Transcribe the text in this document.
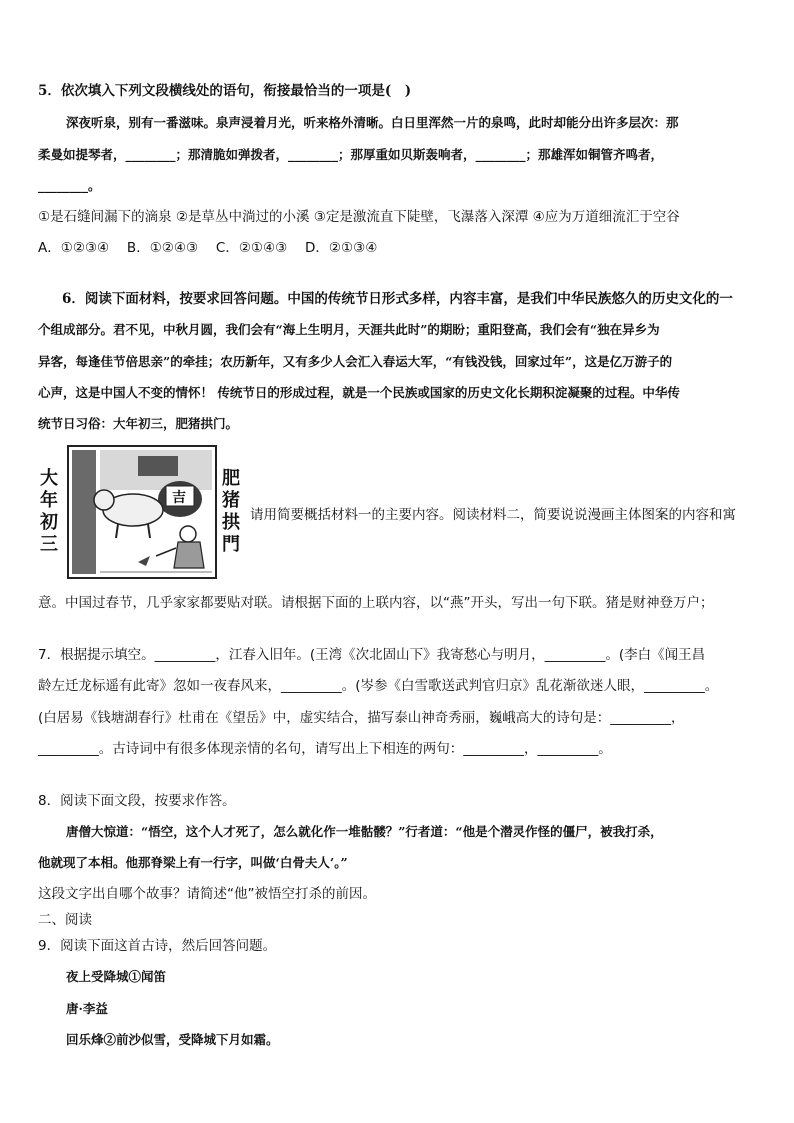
5．依次填入下列文段横线处的语句，衔接最恰当的一项是(　)
深夜听泉，别有一番滋味。泉声浸着月光，听来格外清晰。白日里浑然一片的泉鸣，此时却能分出许多层次：那
柔曼如提琴者，________；那清脆如弹拨者，________；那厚重如贝斯轰响者，________；那雄浑如铜管齐鸣者，
________。
①是石缝间漏下的滴泉 ②是草丛中淌过的小溪 ③定是激流直下陡壁，飞瀑落入深潭 ④应为万道细流汇于空谷
A．①②③④　 B．①②④③　 C．②①④③　 D．②①③④
6．阅读下面材料，按要求回答问题。中国的传统节日形式多样，内容丰富，是我们中华民族悠久的历史文化的一
个组成部分。君不见，中秋月圆，我们会有“海上生明月，天涯共此时”的期盼；重阳登高，我们会有“独在异乡为
异客，每逢佳节倍思亲”的牵挂；农历新年，又有多少人会汇入春运大军，“有钱没钱，回家过年”，这是亿万游子的
心声，这是中国人不变的情怀！ 传统节日的形成过程，就是一个民族或国家的历史文化长期积淀凝聚的过程。中华传
统节日习俗：大年初三，肥猪拱门。
大
年
初
三
吉
肥
猪
拱
門
请用简要概括材料一的主要内容。阅读材料二，简要说说漫画主体图案的内容和寓
意。中国过春节，几乎家家都要贴对联。请根据下面的上联内容，以“燕”开头，写出一句下联。猪是财神登万户；
7．根据提示填空。_________，江春入旧年。(王湾《次北固山下》我寄愁心与明月，_________。(李白《闻王昌
龄左迁龙标遥有此寄》忽如一夜春风来，_________。(岑参《白雪歌送武判官归京》乱花渐欲迷人眼，_________。
(白居易《钱塘湖春行》杜甫在《望岳》中，虚实结合，描写泰山神奇秀丽，巍峨高大的诗句是：_________，
_________。古诗词中有很多体现亲情的名句，请写出上下相连的两句：_________，_________。
8．阅读下面文段，按要求作答。
唐僧大惊道：“悟空，这个人才死了，怎么就化作一堆骷髅？”行者道：“他是个潜灵作怪的僵尸，被我打杀，
他就现了本相。他那脊梁上有一行字，叫做‘白骨夫人’。”
这段文字出自哪个故事？请简述“他”被悟空打杀的前因。
二、阅读
9．阅读下面这首古诗，然后回答问题。
夜上受降城①闻笛
唐·李益
回乐烽②前沙似雪，受降城下月如霜。
